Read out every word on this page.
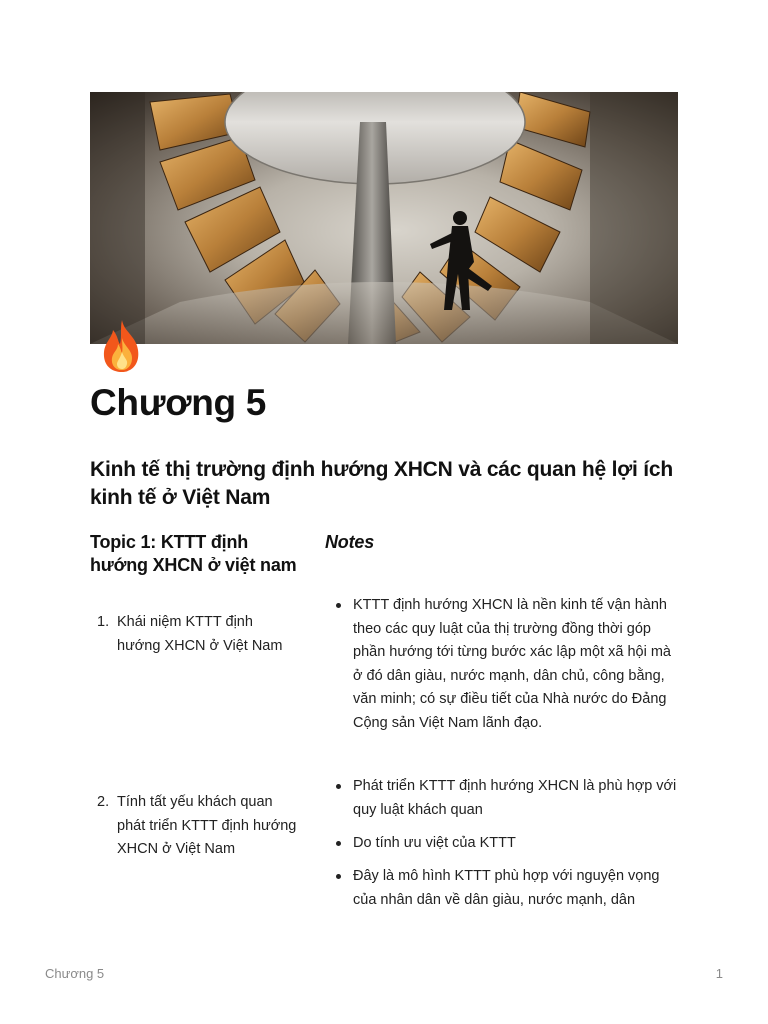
Chương 5
Kinh tế thị trường định hướng XHCN và các quan hệ lợi ích kinh tế ở Việt Nam
Topic 1: KTTT định hướng XHCN ở việt nam
1. Khái niệm KTTT định hướng XHCN ở Việt Nam
2. Tính tất yếu khách quan phát triển KTTT định hướng XHCN ở Việt Nam
Notes
KTTT định hướng XHCN là nền kinh tế vận hành theo các quy luật của thị trường đồng thời góp phần hướng tới từng bước xác lập một xã hội mà ở đó dân giàu, nước mạnh, dân chủ, công bằng, văn minh; có sự điều tiết của Nhà nước do Đảng Cộng sản Việt Nam lãnh đạo.
Phát triển KTTT định hướng XHCN là phù hợp với quy luật khách quan
Do tính ưu việt của KTTT
Đây là mô hình KTTT phù hợp với nguyện vọng của nhân dân về dân giàu, nước mạnh, dân
Chương 5	1
